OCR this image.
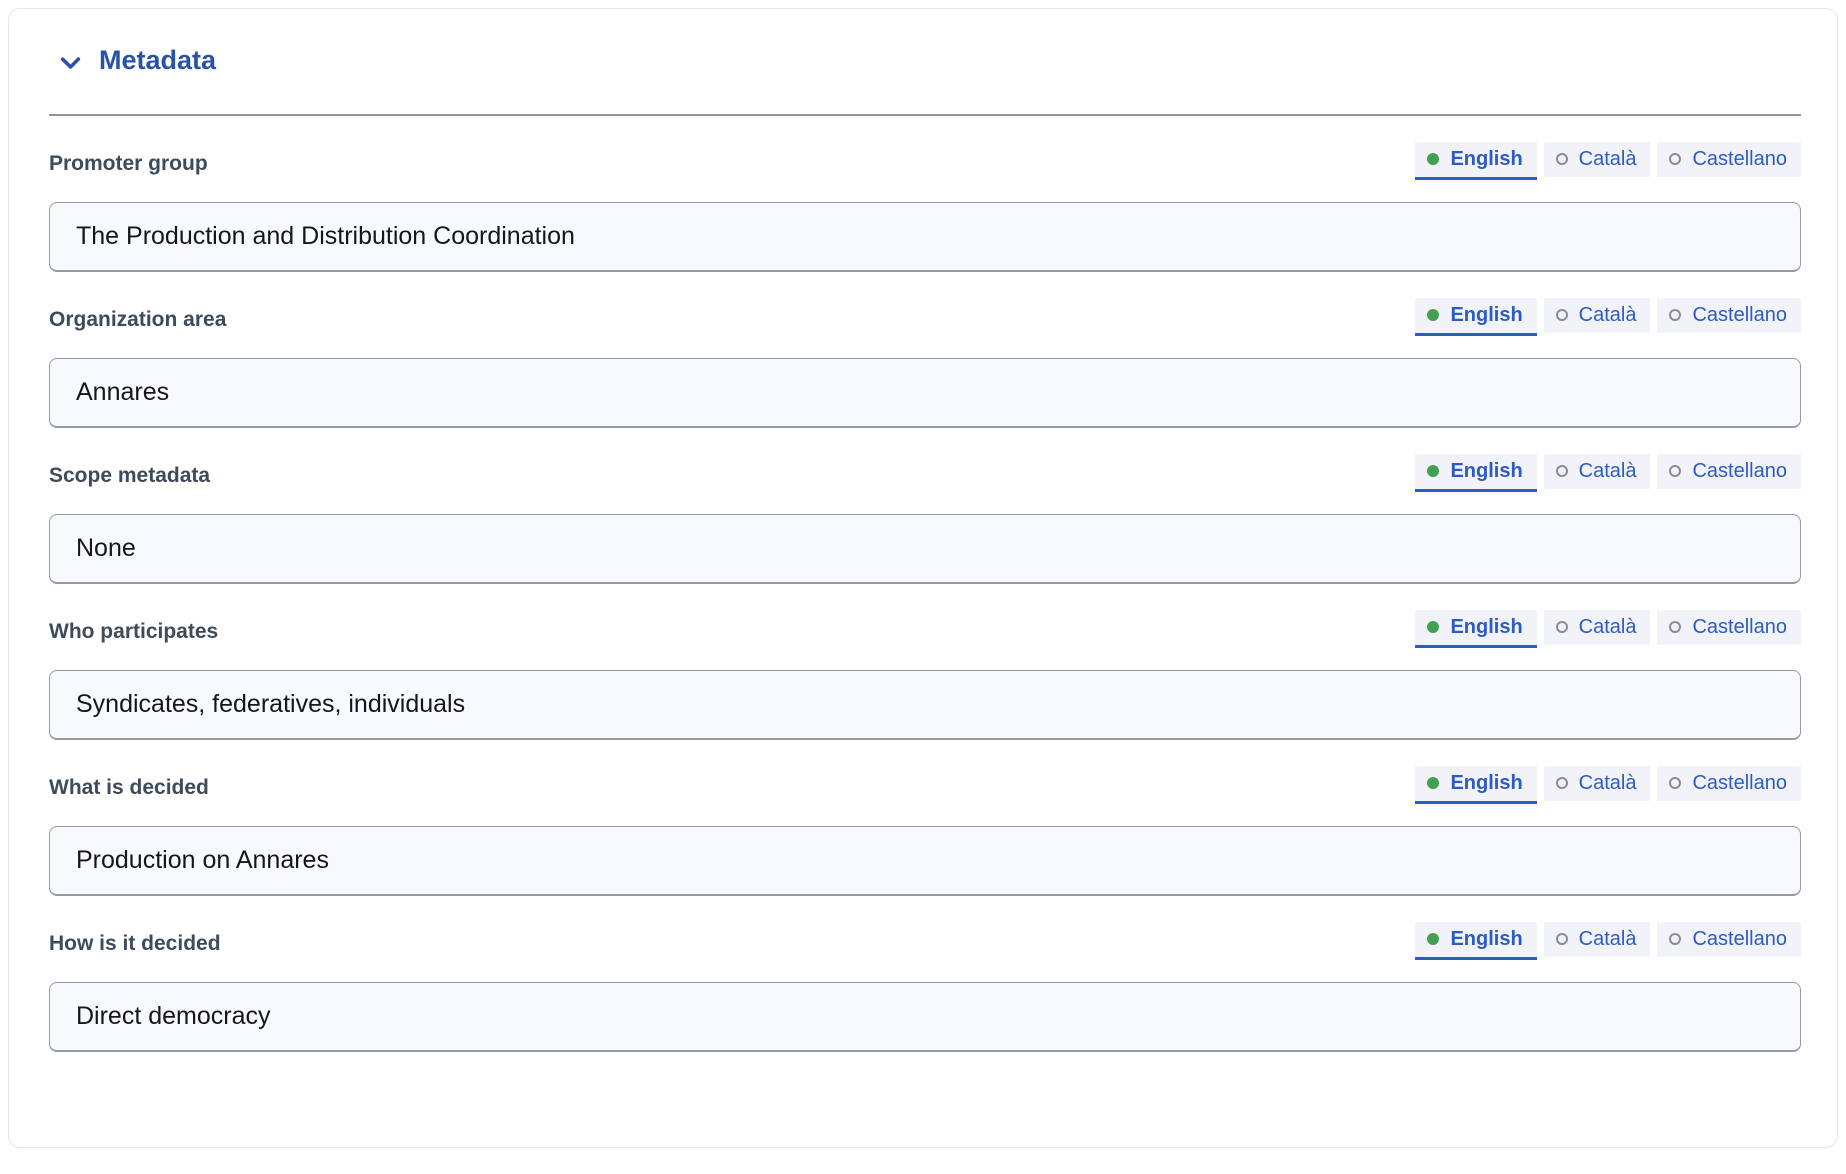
Metadata
Promoter group	English	Català	Castellano
The Production and Distribution Coordination
Organization area	English	Català	Castellano
Annares
Scope metadata	English	Català	Castellano
None
Who participates	English	Català	Castellano
Syndicates, federatives, individuals
What is decided	English	Català	Castellano
Production on Annares
How is it decided	English	Català	Castellano
Direct democracy
